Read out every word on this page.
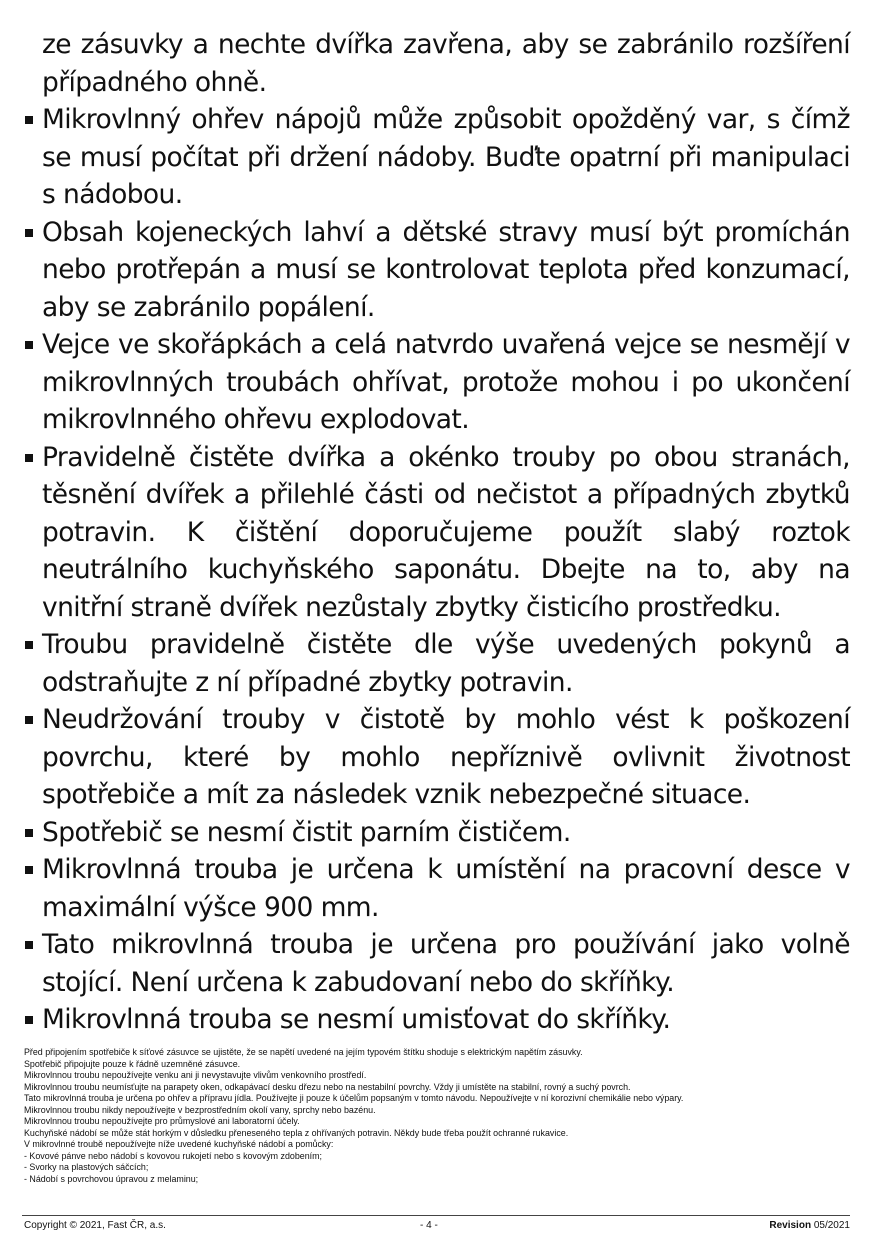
ze zásuvky a nechte dvířka zavřena, aby se zabránilo rozšíření případného ohně.

Mikrovlnný ohřev nápojů může způsobit opožděný var, s čímž se musí počítat při držení nádoby. Buďte opatrní při manipulaci s nádobou.
Obsah kojeneckých lahví a dětské stravy musí být promíchán nebo protřepán a musí se kontrolovat teplota před konzumací, aby se zabránilo popálení.
Vejce ve skořápkách a celá natvrdo uvařená vejce se nesmějí v mikrovlnných troubách ohřívat, protože mohou i po ukončení mikrovlnného ohřevu explodovat.
Pravidelně čistěte dvířka a okénko trouby po obou stranách, těsnění dvířek a přilehlé části od nečistot a případných zbytků potravin. K čištění doporučujeme použít slabý roztok neutrálního kuchyňského saponátu. Dbejte na to, aby na vnitřní straně dvířek nezůstaly zbytky čisticího prostředku.
Troubu pravidelně čistěte dle výše uvedených pokynů a odstraňujte z ní případné zbytky potravin.
Neudržování trouby v čistotě by mohlo vést k poškození povrchu, které by mohlo nepříznivě ovlivnit životnost spotřebiče a mít za následek vznik nebezpečné situace.
Spotřebič se nesmí čistit parním čističem.
Mikrovlnná trouba je určena k umístění na pracovní desce v maximální výšce 900 mm.
Tato mikrovlnná trouba je určena pro používání jako volně stojící. Není určena k zabudovaní nebo do skříňky.
Mikrovlnná trouba se nesmí umisťovat do skříňky.
Před připojením spotřebiče k síťové zásuvce se ujistěte, že se napětí uvedené na jejím typovém štítku shoduje s elektrickým napětím zásuvky.
Spotřebič připojujte pouze k řádně uzemněné zásuvce.
Mikrovlnnou troubu nepoužívejte venku ani ji nevystavujte vlivům venkovního prostředí.
Mikrovlnnou troubu neumísťujte na parapety oken, odkapávací desku dřezu nebo na nestabilní povrchy. Vždy ji umístěte na stabilní, rovný a suchý povrch.
Tato mikrovlnná trouba je určena po ohřev a přípravu jídla. Používejte ji pouze k účelům popsaným v tomto návodu. Nepoužívejte v ní korozivní chemikálie nebo výpary.
Mikrovlnnou troubu nikdy nepoužívejte v bezprostředním okolí vany, sprchy nebo bazénu.
Mikrovlnnou troubu nepoužívejte pro průmyslové ani laboratorní účely.
Kuchyňské nádobí se může stát horkým v důsledku přeneseného tepla z ohřívaných potravin. Někdy bude třeba použít ochranné rukavice.
V mikrovlnné troubě nepoužívejte níže uvedené kuchyňské nádobí a pomůcky:
- Kovové pánve nebo nádobí s kovovou rukojetí nebo s kovovým zdobením;
- Svorky na plastových sáčcích;
- Nádobí s povrchovou úpravou z melaminu;
Copyright © 2021, Fast ČR, a.s.	- 4 -	Revision 05/2021
